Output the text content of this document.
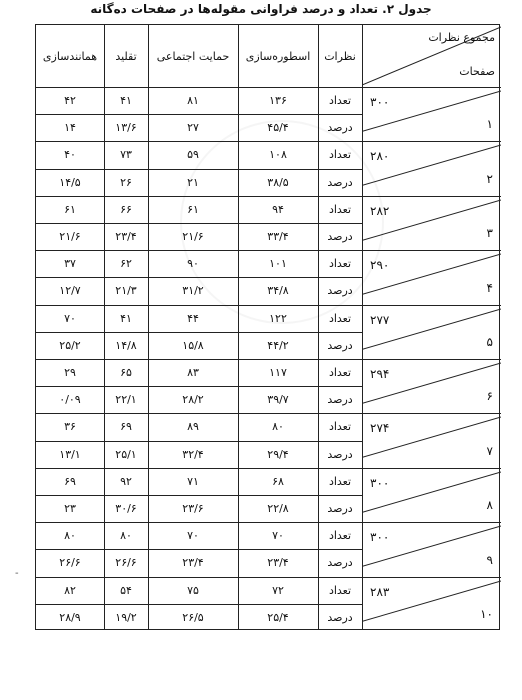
جدول ۲. تعداد و درصد فراوانی مقوله‌ها در صفحات ده‌گانه
-
همانندسازی	تقلید	حمایت اجتماعی	اسطوره‌سازی	نظرات
مجموع نظرات
صفحات
۴۲	۴۱	۸۱	۱۳۶	تعداد
۱۴	۱۳/۶	۲۷	۴۵/۴	درصد
۳۰۰
۱
۴۰	۷۳	۵۹	۱۰۸	تعداد
۱۴/۵	۲۶	۲۱	۳۸/۵	درصد
۲۸۰
۲
۶۱	۶۶	۶۱	۹۴	تعداد
۲۱/۶	۲۳/۴	۲۱/۶	۳۳/۴	درصد
۲۸۲
۳
۳۷	۶۲	۹۰	۱۰۱	تعداد
۱۲/۷	۲۱/۳	۳۱/۲	۳۴/۸	درصد
۲۹۰
۴
۷۰	۴۱	۴۴	۱۲۲	تعداد
۲۵/۲	۱۴/۸	۱۵/۸	۴۴/۲	درصد
۲۷۷
۵
۲۹	۶۵	۸۳	۱۱۷	تعداد
۰/۰۹	۲۲/۱	۲۸/۲	۳۹/۷	درصد
۲۹۴
۶
۳۶	۶۹	۸۹	۸۰	تعداد
۱۳/۱	۲۵/۱	۳۲/۴	۲۹/۴	درصد
۲۷۴
۷
۶۹	۹۲	۷۱	۶۸	تعداد
۲۳	۳۰/۶	۲۳/۶	۲۲/۸	درصد
۳۰۰
۸
۸۰	۸۰	۷۰	۷۰	تعداد
۲۶/۶	۲۶/۶	۲۳/۴	۲۳/۴	درصد
۳۰۰
۹
۸۲	۵۴	۷۵	۷۲	تعداد
۲۸/۹	۱۹/۲	۲۶/۵	۲۵/۴	درصد
۲۸۳
۱۰
